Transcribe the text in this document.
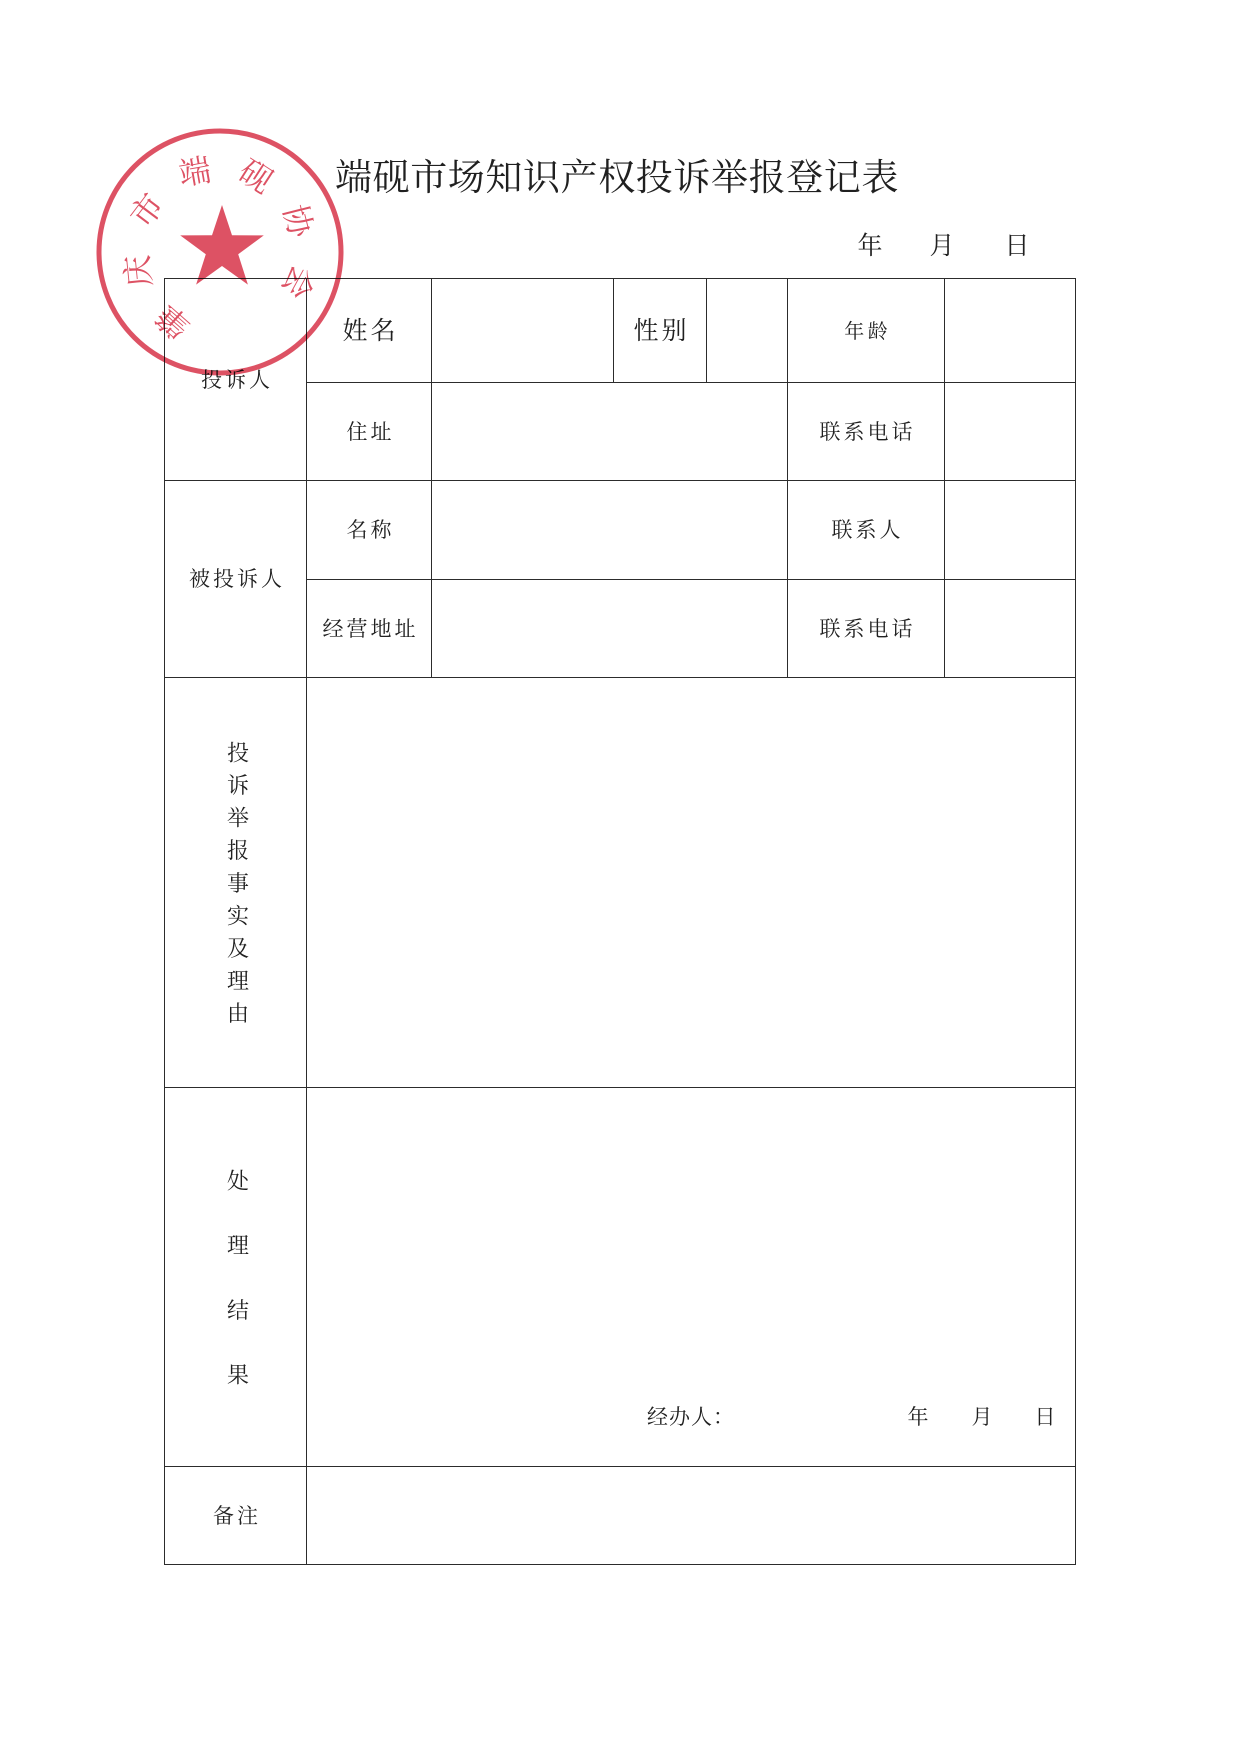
端砚市场知识产权投诉举报登记表
年 月 日
投诉人
姓名	性别	年龄
住址	联系电话
被投诉人
名称	联系人
经营地址	联系电话
投诉举报事实及理由
处理结果	经办人：	年 月 日
备注
肇庆市端砚协会
